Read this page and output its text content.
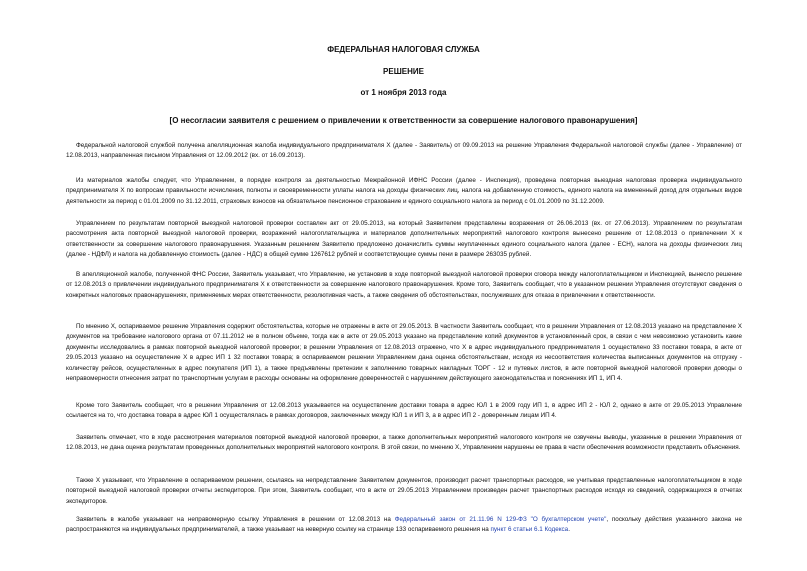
ФЕДЕРАЛЬНАЯ НАЛОГОВАЯ СЛУЖБА
РЕШЕНИЕ
от 1 ноября 2013 года
[О несогласии заявителя с решением о привлечении к ответственности за совершение налогового правонарушения]

Федеральной налоговой службой получена апелляционная жалоба индивидуального предпринимателя Х (далее - Заявитель) от 09.09.2013 на решение Управления Федеральной налоговой службы (далее - Управление) от 12.08.2013, направленная письмом Управления от 12.09.2012 (вх. от 16.09.2013).

Из материалов жалобы следует, что Управлением, в порядке контроля за деятельностью Межрайонной ИФНС России (далее - Инспекция), проведена повторная выездная налоговая проверка индивидуального предпринимателя Х по вопросам правильности исчисления, полноты и своевременности уплаты налога на доходы физических лиц, налога на добавленную стоимость, единого налога на вмененный доход для отдельных видов деятельности за период с 01.01.2009 по 31.12.2011, страховых взносов на обязательное пенсионное страхование и единого социального налога за период с 01.01.2009 по 31.12.2009.

Управлением по результатам повторной выездной налоговой проверки составлен акт от 29.05.2013, на который Заявителем представлены возражения от 26.06.2013 (вх. от 27.06.2013). Управлением по результатам рассмотрения акта повторной выездной налоговой проверки, возражений налогоплательщика и материалов дополнительных мероприятий налогового контроля вынесено решение от 12.08.2013 о привлечении Х к ответственности за совершение налогового правонарушения. Указанным решением Заявителю предложено доначислить суммы неуплаченных единого социального налога (далее - ЕСН), налога на доходы физических лиц (далее - НДФЛ) и налога на добавленную стоимость (далее - НДС) в общей сумме 1267612 рублей и соответствующие суммы пени в размере 263035 рублей.

В апелляционной жалобе, полученной ФНС России, Заявитель указывает, что Управление, не установив в ходе повторной выездной налоговой проверки сговора между налогоплательщиком и Инспекцией, вынесло решение от 12.08.2013 о привлечении индивидуального предпринимателя Х к ответственности за совершение налогового правонарушения. Кроме того, Заявитель сообщает, что в указанном решении Управления отсутствуют сведения о конкретных налоговых правонарушениях, применяемых мерах ответственности, резолютивная часть, а также сведения об обстоятельствах, послуживших для отказа в привлечении к ответственности.

По мнению Х, оспариваемое решение Управления содержит обстоятельства, которые не отражены в акте от 29.05.2013. В частности Заявитель сообщает, что в решении Управления от 12.08.2013 указано на представление Х документов на требование налогового органа от 07.11.2012 не в полном объеме, тогда как в акте от 29.05.2013 указано на представление копий документов в установленный срок, в связи с чем невозможно установить какие документы исследовались в рамках повторной выездной налоговой проверки; в решении Управления от 12.08.2013 отражено, что Х в адрес индивидуального предпринимателя 1 осуществлено 33 поставки товара, в акте от 29.05.2013 указано на осуществление Х в адрес ИП 1 32 поставки товара; в оспариваемом решении Управлением дана оценка обстоятельствам, исходя из несоответствия количества выписанных документов на отгрузку - количеству рейсов, осуществленных в адрес покупателя (ИП 1), а также предъявлены претензии к заполнению товарных накладных ТОРГ - 12 и путевых листов, в акте повторной выездной налоговой проверки доводы о неправомерности отнесения затрат по транспортным услугам в расходы основаны на оформление доверенностей с нарушением действующего законодательства и пояснениях ИП 1, ИП 4.

Кроме того Заявитель сообщает, что в решении Управления от 12.08.2013 указывается на осуществление доставки товара в адрес ЮЛ 1 в 2009 году ИП 1, в адрес ИП 2 - ЮЛ 2, однако в акте от 29.05.2013 Управление ссылается на то, что доставка товара в адрес ЮЛ 1 осуществлялась в рамках договоров, заключенных между ЮЛ 1 и ИП 3, а в адрес ИП 2 - доверенным лицам ИП 4.

Заявитель отмечает, что в ходе рассмотрения материалов повторной выездной налоговой проверки, а также дополнительных мероприятий налогового контроля не озвучены выводы, указанные в решении Управления от 12.08.2013, не дана оценка результатам проведенных дополнительных мероприятий налогового контроля. В этой связи, по мнению Х, Управлением нарушены ее права в части обеспечения возможности представить объяснения.

Также Х указывает, что Управление в оспариваемом решении, ссылаясь на непредставление Заявителем документов, производит расчет транспортных расходов, не учитывая представленные налогоплательщиком в ходе повторной выездной налоговой проверки отчеты экспедиторов. При этом, Заявитель сообщает, что в акте от 29.05.2013 Управлением произведен расчет транспортных расходов исходя из сведений, содержащихся в отчетах экспедиторов.

Заявитель в жалобе указывает на неправомерную ссылку Управления в решении от 12.08.2013 на Федеральный закон от 21.11.96 N 129-ФЗ "О бухгалтерском учете", поскольку действия указанного закона не распространяются на индивидуальных предпринимателей, а также указывает на неверную ссылку на странице 133 оспариваемого решения на пункт 6 статьи 6.1 Кодекса.
